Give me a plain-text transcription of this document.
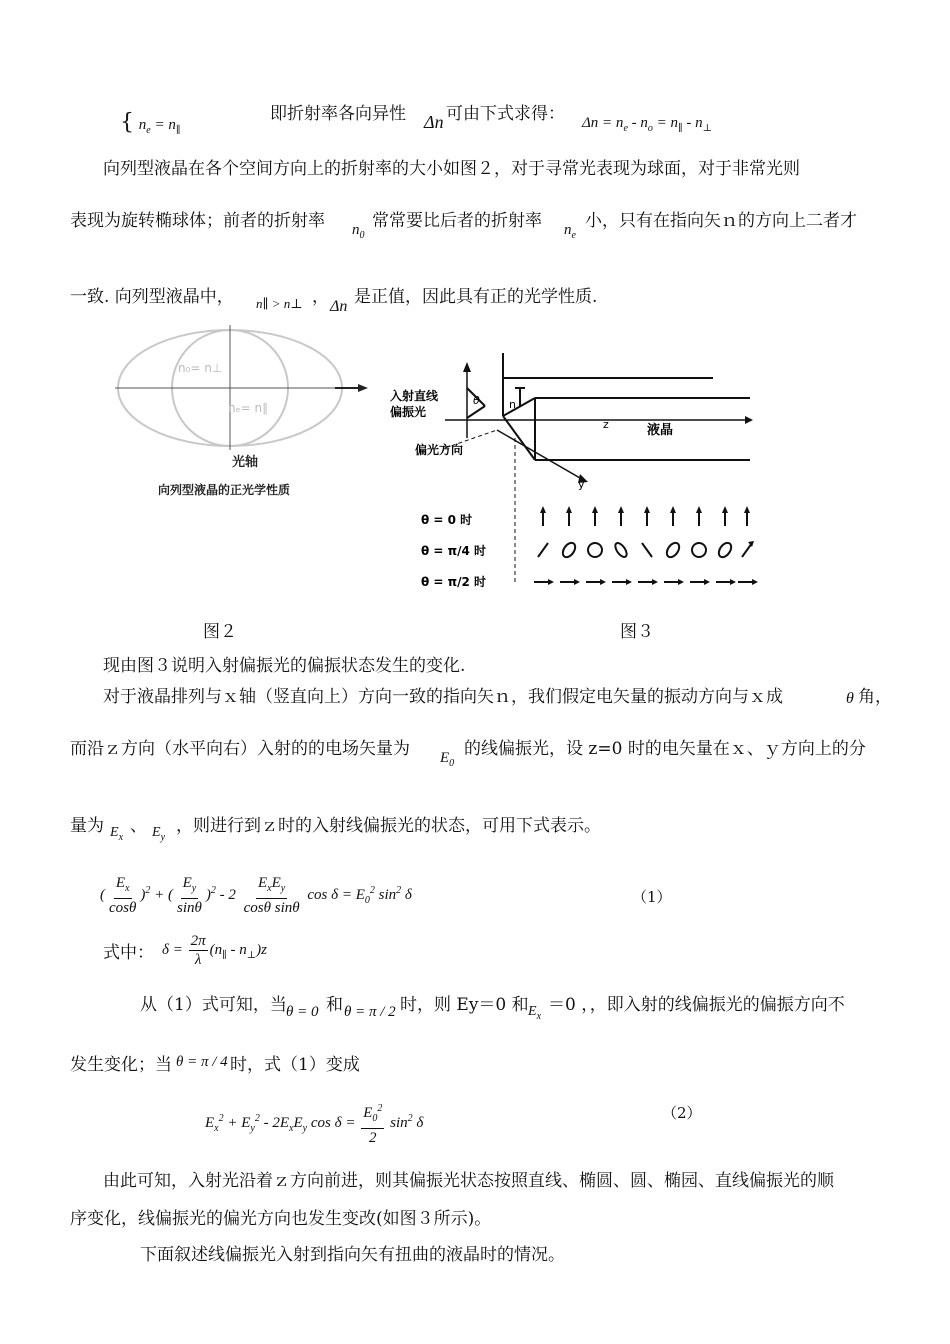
{ $n_e = n_\parallel$
即折射率各向异性 Δn 可由下式求得： $\Delta n = n_e - n_o = n_\parallel - n_\perp$
向列型液晶在各个空间方向上的折射率的大小如图２，对于寻常光表现为球面，对于非常光则
表现为旋转椭球体；前者的折射率 $n_0$
常常要比后者的折射率 $n_e$
小，只有在指向矢ｎ的方向上二者才
一致. 向列型液晶中， n∥ > n⊥ ， Δn 是正值，因此具有正的光学性质.
n₀= n⊥
nₑ= n∥
光轴
向列型液晶的正光学性质
图２
入射直线
偏振光
θ	n
z	液晶
偏光方向
y
θ = 0 时
θ = π/4 时
θ = π/2 时
图３
现由图３说明入射偏振光的偏振状态发生的变化.
对于液晶排列与ｘ轴（竖直向上）方向一致的指向矢ｎ，我们假定电矢量的振动方向与ｘ成	θ 角，
而沿ｚ方向（水平向右）入射的的电场矢量为 $E_0$
的线偏振光，设 z=0 时的电矢量在ｘ、ｙ方向上的分
量为 $E_x$
、 $E_y$
，则进行到ｚ时的入射线偏振光的状态，可用下式表示。
( $\frac{E_x}{\cos\theta} )^2$ + ( $\frac{E_y}{\sin\theta} )^2 - 2 \frac{E_xE_y}{\text{cosθ sinθ}}$ $\cos \delta = E_0^2$ $\sin^2 \delta$	（1）
式中： $\delta = \frac{2\pi}{\lambda} (n_\parallel - n_\perp)z$
从（1）式可知，当 θ = 0 和 θ = π / 2 时，则 Ey＝0 和 $E_x$
＝0 ，，即入射的线偏振光的偏振方向不
发生变化；当 θ = π / 4 时，式（1）变成
$E_x^2 + E_y^2 - 2E_xE_y$ $\cos \delta = \frac{E_0^2}{2} \sin^2 \delta$
（2）
由此可知，入射光沿着ｚ方向前进，则其偏振光状态按照直线、椭圆、圆、椭园、直线偏振光的顺
序变化，线偏振光的偏光方向也发生变改(如图３所示)。
下面叙述线偏振光入射到指向矢有扭曲的液晶时的情况。
